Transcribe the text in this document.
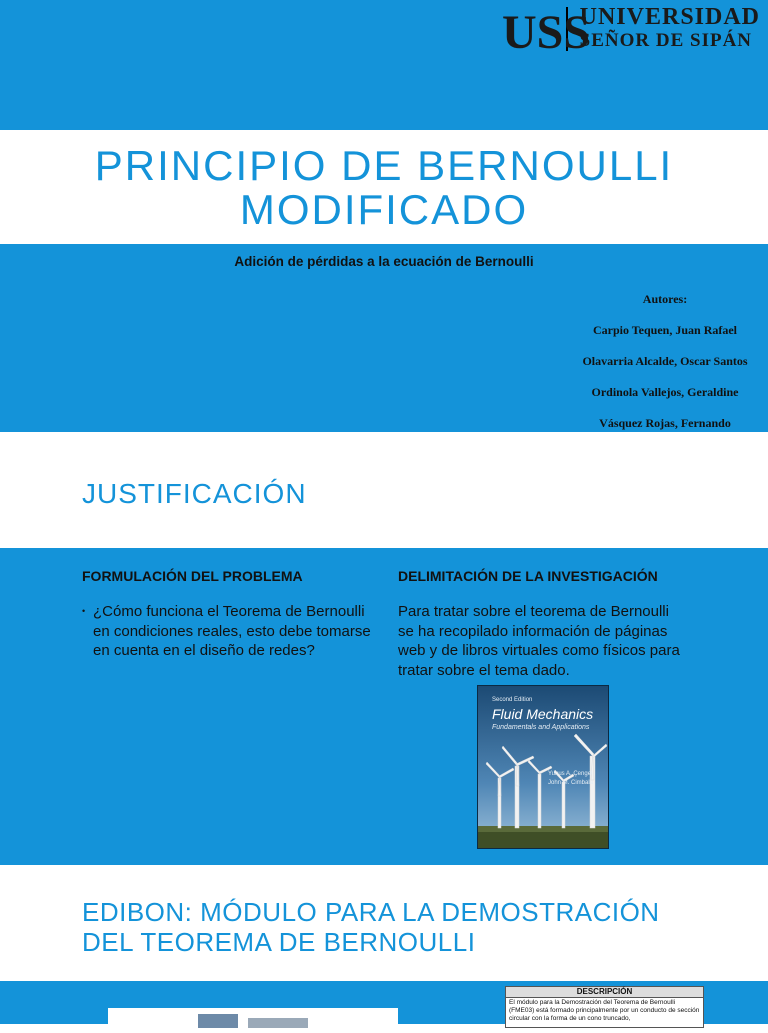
USS
UNIVERSIDAD
SEÑOR DE SIPÁN
PRINCIPIO DE BERNOULLI
MODIFICADO
Adición de pérdidas a la ecuación de Bernoulli
Autores:
Carpio Tequen, Juan Rafael
Olavarria Alcalde, Oscar Santos
Ordinola Vallejos, Geraldine
Vásquez Rojas, Fernando
JUSTIFICACIÓN
FORMULACIÓN DEL PROBLEMA	DELIMITACIÓN DE LA INVESTIGACIÓN
• ¿Cómo funciona el Teorema de Bernoulli en condiciones reales, esto debe tomarse en cuenta en el diseño de redes?
Para tratar sobre el teorema de Bernoulli se ha recopilado información de páginas web y de libros virtuales como físicos para tratar sobre el tema dado.
Second Edition
Fluid Mechanics
Fundamentals and Applications
Yunus A. Çengel
John M. Cimbala
EDIBON: MÓDULO PARA LA DEMOSTRACIÓN
DEL TEOREMA DE BERNOULLI
DESCRIPCIÓN
El módulo para la Demostración del Teorema de Bernoulli (FME03) está formado principalmente por un conducto de sección circular con la forma de un cono truncado,
